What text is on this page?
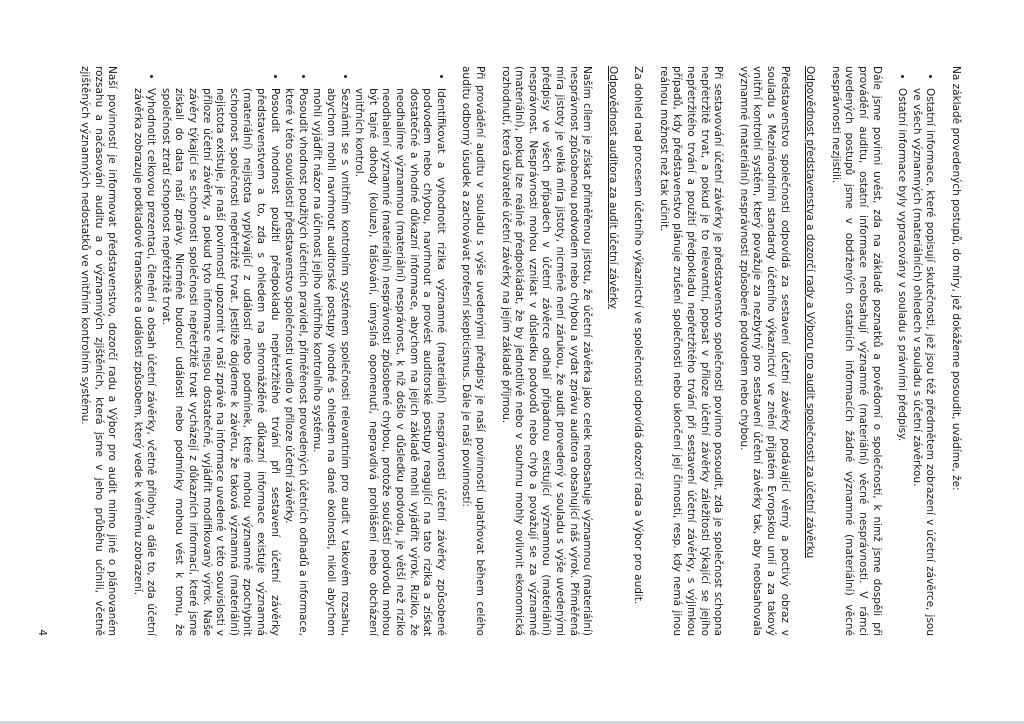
Na základě provedených postupů, do míry, jež dokážeme posoudit, uvádíme, že:

• Ostatní informace, které popisují skutečnosti, jež jsou též předmětem zobrazení v účetní závěrce, jsou ve všech významných (materiálních) ohledech v souladu s účetní závěrkou.
• Ostatní informace byly vypracovány v souladu s právními předpisy.

Dále jsme povinni uvést, zda na základě poznatků a povědomí o společnosti, k nimž jsme dospěli při provádění auditu, ostatní informace neobsahují významné (materiální) věcné nesprávnosti. V rámci uvedených postupů jsme v obdržených ostatních informacích žádné významné (materiální) věcné nesprávnosti nezjistili.

Odpovědnost představenstva a dozorčí rady a Výboru pro audit společnosti za účetní závěrku

Představenstvo společnosti odpovídá za sestavení účetní závěrky podávající věrný a poctivý obraz v souladu s Mezinárodními standardy účetního výkaznictví ve znění přijatém Evropskou unií a za takový vnitřní kontrolní systém, který považuje za nezbytný pro sestavení účetní závěrky tak, aby neobsahovala významné (materiální) nesprávnosti způsobené podvodem nebo chybou.

Při sestavování účetní závěrky je představenstvo společnosti povinno posoudit, zda je společnost schopna nepřetržitě trvat, a pokud je to relevantní, popsat v příloze účetní závěrky záležitosti týkající se jejího nepřetržitého trvání a použití předpokladu nepřetržitého trvání při sestavení účetní závěrky, s výjimkou případů, kdy představenstvo plánuje zrušení společnosti nebo ukončení její činnosti, resp. kdy nemá jinou reálnou možnost než tak učinit.

Za dohled nad procesem účetního výkaznictví ve společnosti odpovídá dozorčí rada a Výbor pro audit.

Odpovědnost auditora za audit účetní závěrky

Naším cílem je získat přiměřenou jistotu, že účetní závěrka jako celek neobsahuje významnou (materiální) nesprávnost způsobenou podvodem nebo chybou a vydat zprávu auditora obsahující náš výrok. Přiměřená míra jistoty je velká míra jistoty, nicméně není zárukou, že audit provedený v souladu s výše uvedenými předpisy ve všech případech v účetní závěrce odhalí případnou existující významnou (materiální) nesprávnost. Nesprávnosti mohou vznikat v důsledku podvodů nebo chyb a považují se za významné (materiální), pokud lze reálně předpokládat, že by jednotlivě nebo v souhrnu mohly ovlivnit ekonomická rozhodnutí, která uživatelé účetní závěrky na jejím základě přijmou.

Při provádění auditu v souladu s výše uvedenými předpisy je naší povinností uplatňovat během celého auditu odborný úsudek a zachovávat profesní skepticismus. Dále je naší povinností:

• Identifikovat a vyhodnotit rizika významné (materiální) nesprávnosti účetní závěrky způsobené podvodem nebo chybou, navrhnout a provést auditorské postupy reagující na tato rizika a získat dostatečné a vhodné důkazní informace, abychom na jejich základě mohli vyjádřit výrok. Riziko, že neodhalíme významnou (materiální) nesprávnost, k níž došlo v důsledku podvodu, je větší než riziko neodhalení významné (materiální) nesprávnosti způsobené chybou, protože součástí podvodu mohou být tajné dohody (koluze), falšování, úmyslná opomenutí, nepravdivá prohlášení nebo obcházení vnitřních kontrol.
• Seznámit se s vnitřním kontrolním systémem společnosti relevantním pro audit v takovém rozsahu, abychom mohli navrhnout auditorské postupy vhodné s ohledem na dané okolnosti, nikoli abychom mohli vyjádřit názor na účinnost jejího vnitřního kontrolního systému.
• Posoudit vhodnost použitých účetních pravidel, přiměřenost provedených účetních odhadů a informace, které v této souvislosti představenstvo společnosti uvedlo v příloze účetní závěrky.
• Posoudit vhodnost použití předpokladu nepřetržitého trvání při sestavení účetní závěrky představenstvem a to, zda s ohledem na shromážděné důkazní informace existuje významná (materiální) nejistota vyplývající z událostí nebo podmínek, které mohou významně zpochybnit schopnost společnosti nepřetržitě trvat. Jestliže dojdeme k závěru, že taková významná (materiální) nejistota existuje, je naší povinností upozornit v naší zprávě na informace uvedené v této souvislosti v příloze účetní závěrky, a pokud tyto informace nejsou dostatečné, vyjádřit modifikovaný výrok. Naše závěry týkající se schopnosti společnosti nepřetržitě trvat vycházejí z důkazních informací, které jsme získali do data naší zprávy. Nicméně budoucí události nebo podmínky mohou vést k tomu, že společnost ztratí schopnost nepřetržitě trvat.
• Vyhodnotit celkovou prezentaci, členění a obsah účetní závěrky, včetně přílohy, a dále to, zda účetní závěrka zobrazuje podkladové transakce a události způsobem, který vede k věrnému zobrazení.

Naší povinností je informovat představenstvo, dozorčí radu a Výbor pro audit mimo jiné o plánovaném rozsahu a načasování auditu a o významných zjištěních, která jsme v jeho průběhu učinili, včetně zjištěných významných nedostatků ve vnitřním kontrolním systému.

4
